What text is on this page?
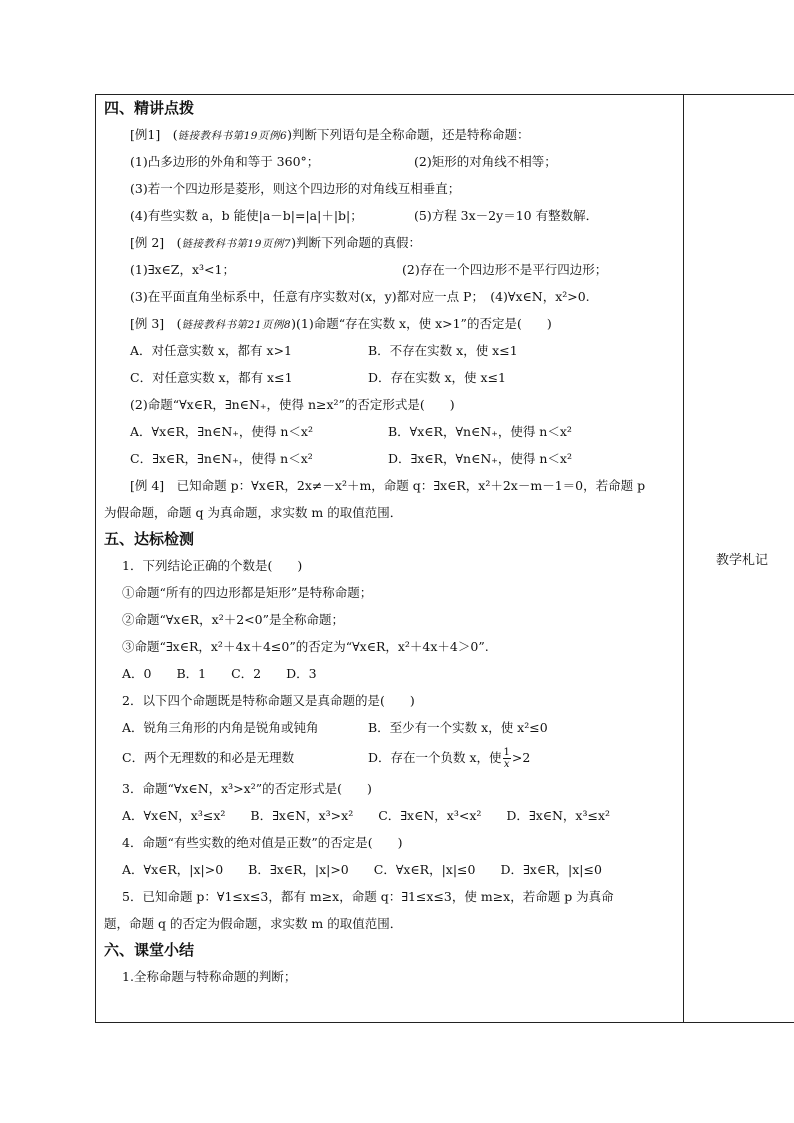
四、精讲点拨
[例1]　(链接教科书第19页例6)判断下列语句是全称命题，还是特称命题：
(1)凸多边形的外角和等于 360°；	(2)矩形的对角线不相等；
(3)若一个四边形是菱形，则这个四边形的对角线互相垂直；
(4)有些实数 a，b 能使|a－b|=|a|＋|b|；	(5)方程 3x－2y＝10 有整数解．
[例 2]　(链接教科书第19页例7)判断下列命题的真假：
(1)∃x∈Z，x³<1；	(2)存在一个四边形不是平行四边形；
(3)在平面直角坐标系中，任意有序实数对(x，y)都对应一点 P； (4)∀x∈N，x²>0.
[例 3]　(链接教科书第21页例8)(1)命题“存在实数 x，使 x>1”的否定是(　　)
A．对任意实数 x，都有 x>1	B．不存在实数 x，使 x≤1
C．对任意实数 x，都有 x≤1	D．存在实数 x，使 x≤1
(2)命题“∀x∈R，∃n∈N₊，使得 n≥x²”的否定形式是(　　)
A．∀x∈R，∃n∈N₊，使得 n＜x²	B．∀x∈R，∀n∈N₊，使得 n＜x²
C．∃x∈R，∃n∈N₊，使得 n＜x²	D．∃x∈R，∀n∈N₊，使得 n＜x²
[例 4]　已知命题 p：∀x∈R，2x≠－x²＋m，命题 q：∃x∈R，x²＋2x－m－1＝0，若命题 p
为假命题，命题 q 为真命题，求实数 m 的取值范围．
五、达标检测
1．下列结论正确的个数是(　　)
①命题“所有的四边形都是矩形”是特称命题；
②命题“∀x∈R，x²＋2<0”是全称命题；
③命题“∃x∈R，x²＋4x＋4≤0”的否定为“∀x∈R，x²＋4x＋4＞0”.
A．0  B．1  C．2  D．3
2．以下四个命题既是特称命题又是真命题的是(　　)
A．锐角三角形的内角是锐角或钝角	B．至少有一个实数 x，使 x²≤0
C．两个无理数的和必是无理数	D．存在一个负数 x，使 $\frac{1}{x} >2$
3．命题“∀x∈N，x³>x²”的否定形式是(　　)
A．∀x∈N，x³≤x²  B．∃x∈N，x³>x²  C．∃x∈N，x³<x²  D．∃x∈N，x³≤x²
4．命题“有些实数的绝对值是正数”的否定是(　　)
A．∀x∈R，|x|>0  B．∃x∈R，|x|>0  C．∀x∈R，|x|≤0  D．∃x∈R，|x|≤0
5．已知命题 p：∀1≤x≤3，都有 m≥x，命题 q：∃1≤x≤3，使 m≥x，若命题 p 为真命
题，命题 q 的否定为假命题，求实数 m 的取值范围．
六、课堂小结
1.全称命题与特称命题的判断；
教学札记
